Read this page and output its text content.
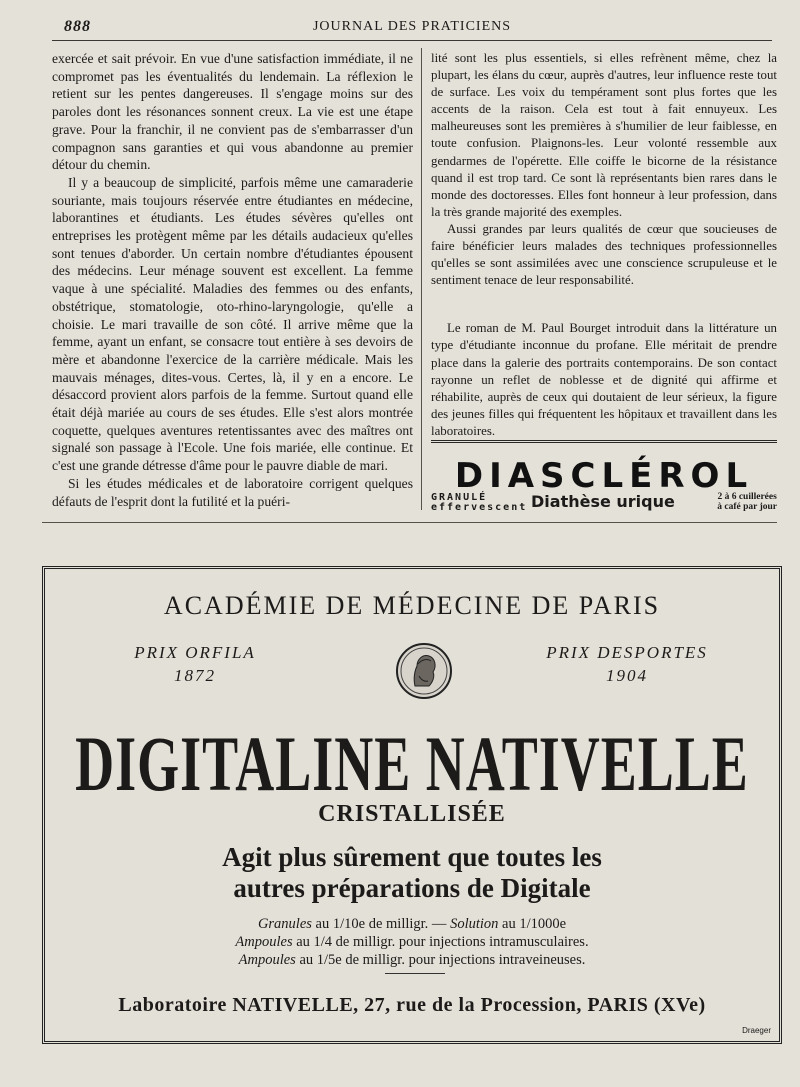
888	JOURNAL DES PRATICIENS

exercée et sait prévoir. En vue d'une satisfaction immédiate, il ne compromet pas les éventualités du lendemain. La réflexion le retient sur les pentes dangereuses. Il s'engage moins sur des paroles dont les résonances sonnent creux. La vie est une étape grave. Pour la franchir, il ne convient pas de s'embarrasser d'un compagnon sans garanties et qui vous abandonne au premier détour du chemin.

Il y a beaucoup de simplicité, parfois même une camaraderie souriante, mais toujours réservée entre étudiantes en médecine, laborantines et étudiants. Les études sévères qu'elles ont entreprises les protègent même par les détails audacieux qu'elles sont tenues d'aborder. Un certain nombre d'étudiantes épousent des médecins. Leur ménage souvent est excellent. La femme vaque à une spécialité. Maladies des femmes ou des enfants, obstétrique, stomatologie, oto-rhino-laryngologie, qu'elle a choisie. Le mari travaille de son côté. Il arrive même que la femme, ayant un enfant, se consacre tout entière à ses devoirs de mère et abandonne l'exercice de la carrière médicale. Mais les mauvais ménages, dites-vous. Certes, là, il y en a encore. Le désaccord provient alors parfois de la femme. Surtout quand elle était déjà mariée au cours de ses études. Elle s'est alors montrée coquette, quelques aventures retentissantes avec des maîtres ont signalé son passage à l'Ecole. Une fois mariée, elle continue. Et c'est une grande détresse d'âme pour le pauvre diable de mari.

Si les études médicales et de laboratoire corrigent quelques défauts de l'esprit dont la futilité et la puéri-

lité sont les plus essentiels, si elles refrènent même, chez la plupart, les élans du cœur, auprès d'autres, leur influence reste tout de surface. Les voix du tempérament sont plus fortes que les accents de la raison. Cela est tout à fait ennuyeux. Les malheureuses sont les premières à s'humilier de leur faiblesse, en toute confusion. Plaignons-les. Leur volonté ressemble aux gendarmes de l'opérette. Elle coiffe le bicorne de la résistance quand il est trop tard. Ce sont là représentants bien rares dans le monde des doctoresses. Elles font honneur à leur profession, dans la très grande majorité des exemples.

Aussi grandes par leurs qualités de cœur que soucieuses de faire bénéficier leurs malades des techniques professionnelles qu'elles se sont assimilées avec une conscience scrupuleuse et le sentiment tenace de leur responsabilité.

Le roman de M. Paul Bourget introduit dans la littérature un type d'étudiante inconnue du profane. Elle méritait de prendre place dans la galerie des portraits contemporains. De son contact rayonne un reflet de noblesse et de dignité qui affirme et réhabilite, auprès de ceux qui doutaient de leur sérieux, la figure des jeunes filles qui fréquentent les hôpitaux et travaillent dans les laboratoires.

DIASCLÉROL
GRANULÉ
effervescent Diathèse urique	2 à 6 cuillerées
à café par jour
ACADÉMIE DE MÉDECINE DE PARIS
PRIX ORFILA
1872
PRIX DESPORTES
1904
DIGITALINE NATIVELLE
CRISTALLISÉE
Agit plus sûrement que toutes les
autres préparations de Digitale
Granules au 1/10e de milligr. — Solution au 1/1000e
Ampoules au 1/4 de milligr. pour injections intramusculaires.
Ampoules au 1/5e de milligr. pour injections intraveineuses.
Laboratoire NATIVELLE, 27, rue de la Procession, PARIS (XVe)
Draeger
